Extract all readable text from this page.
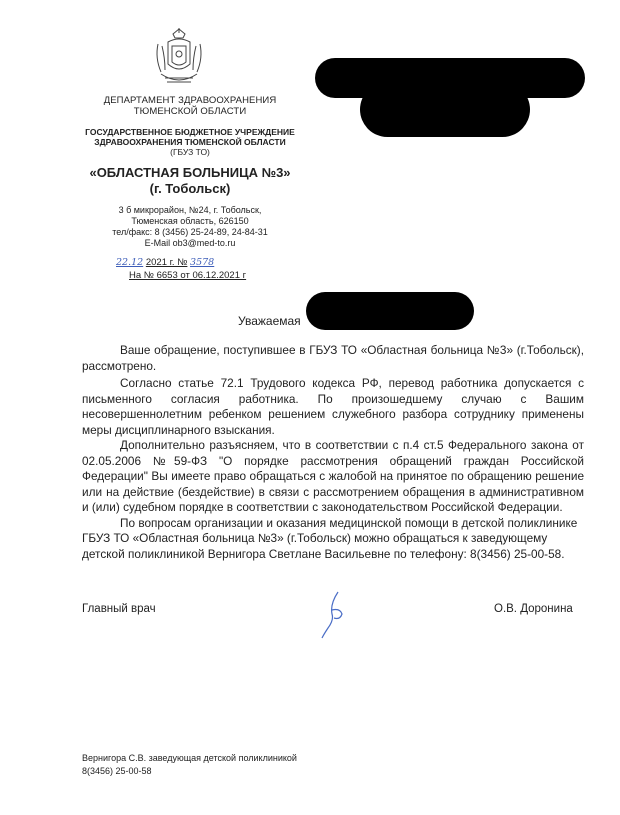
ДЕПАРТАМЕНТ ЗДРАВООХРАНЕНИЯ
ТЮМЕНСКОЙ ОБЛАСТИ
ГОСУДАРСТВЕННОЕ БЮДЖЕТНОЕ УЧРЕЖДЕНИЕ
ЗДРАВООХРАНЕНИЯ ТЮМЕНСКОЙ ОБЛАСТИ
(ГБУЗ ТО)
«ОБЛАСТНАЯ БОЛЬНИЦА №3»
(г. Тобольск)
3 б микрорайон, №24, г. Тобольск,
Тюменская область, 626150
тел/факс: 8 (3456) 25-24-89, 24-84-31
E-Mail ob3@med-to.ru
22.12 2021 г. № 3578
На № 6653 от 06.12.2021 г
Уважаемая

Ваше обращение, поступившее в ГБУЗ ТО «Областная больница №3» (г.Тобольск), рассмотрено.

Согласно статье 72.1 Трудового кодекса РФ, перевод работника допускается с письменного согласия работника. По произошедшему случаю с Вашим несовершеннолетним ребенком решением служебного разбора сотруднику применены меры дисциплинарного взыскания.

Дополнительно разъясняем, что в соответствии с п.4 ст.5 Федерального закона от 02.05.2006 №59-ФЗ "О порядке рассмотрения обращений граждан Российской Федерации" Вы имеете право обращаться с жалобой на принятое по обращению решение или на действие (бездействие) в связи с рассмотрением обращения в административном и (или) судебном порядке в соответствии с законодательством Российской Федерации.

По вопросам организации и оказания медицинской помощи в детской поликлинике ГБУЗ ТО «Областная больница №3» (г.Тобольск) можно обращаться к заведующему детской поликлиникой Вернигора Светлане Васильевне по телефону: 8(3456) 25-00-58.

Главный врач	О.В. Доронина
Вернигора С.В. заведующая детской поликлиникой
8(3456) 25-00-58
